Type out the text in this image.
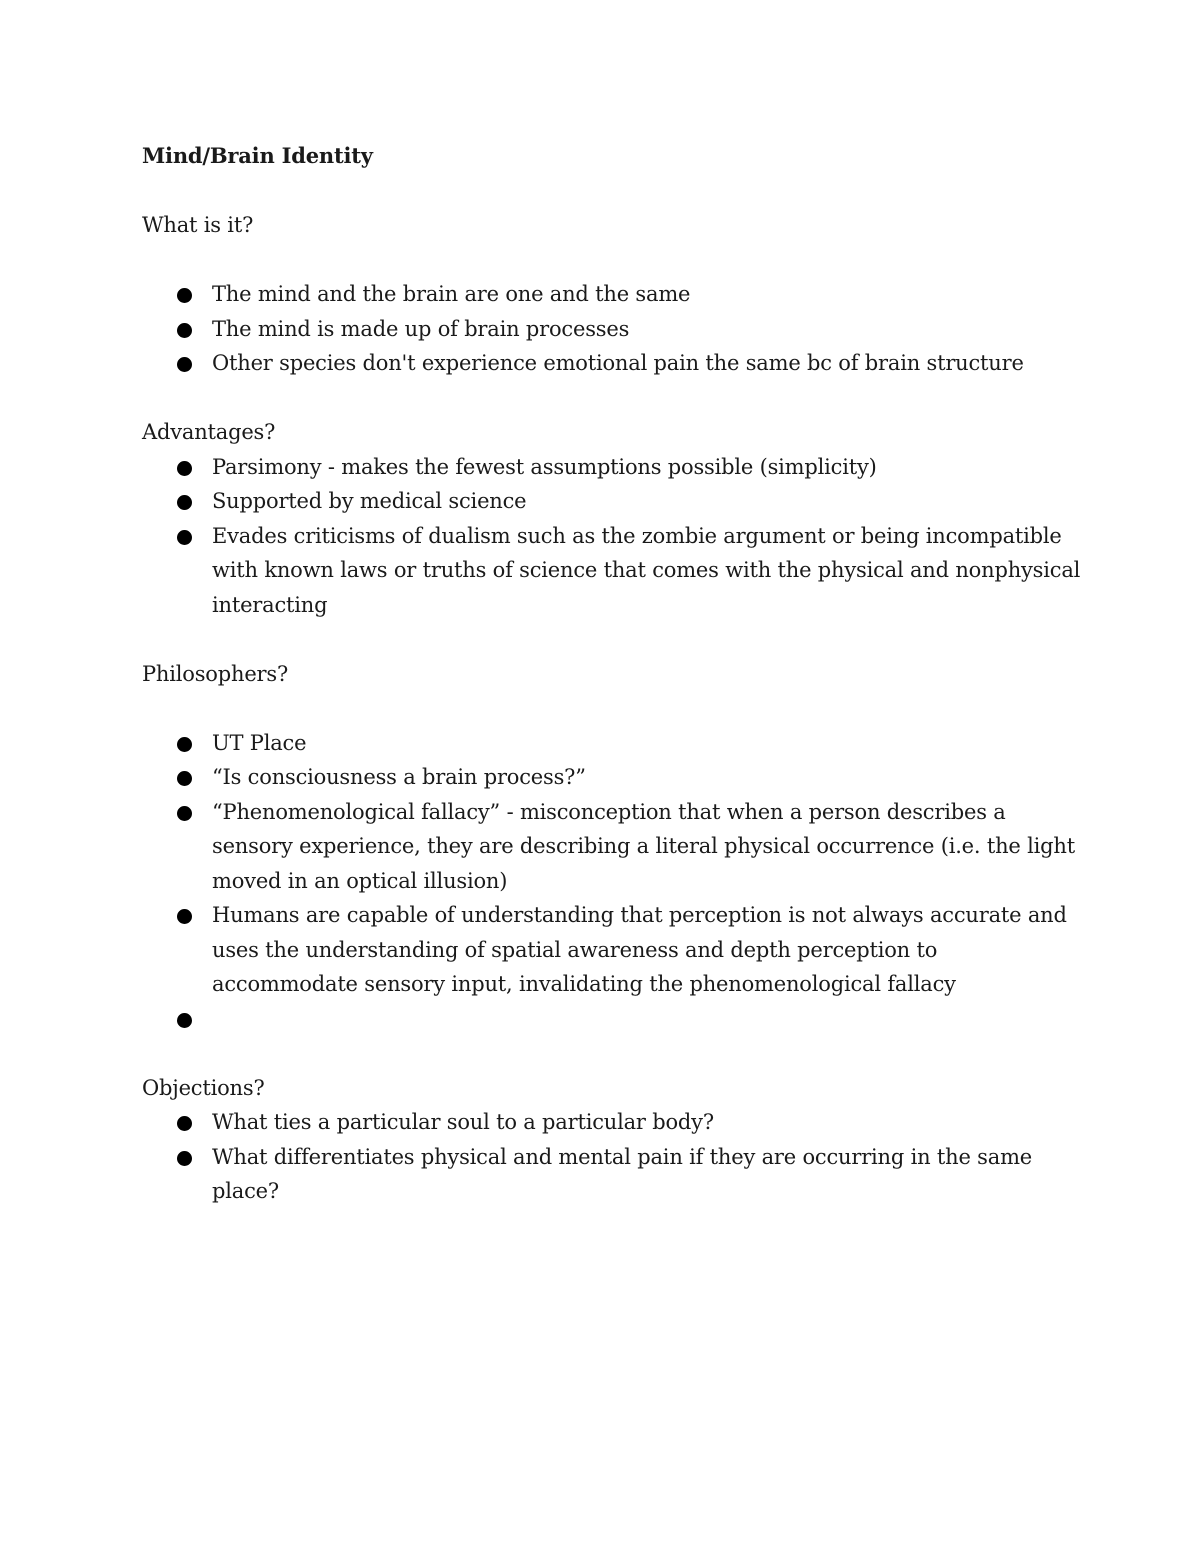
Mind/Brain Identity

What is it?

The mind and the brain are one and the same
The mind is made up of brain processes
Other species don't experience emotional pain the same bc of brain structure

Advantages?

Parsimony - makes the fewest assumptions possible (simplicity)
Supported by medical science
Evades criticisms of dualism such as the zombie argument or being incompatible with known laws or truths of science that comes with the physical and nonphysical interacting

Philosophers?

UT Place
“Is consciousness a brain process?”
“Phenomenological fallacy” - misconception that when a person describes a sensory experience, they are describing a literal physical occurrence (i.e. the light moved in an optical illusion)
Humans are capable of understanding that perception is not always accurate and uses the understanding of spatial awareness and depth perception to accommodate sensory input, invalidating the phenomenological fallacy

Objections?

What ties a particular soul to a particular body?
What differentiates physical and mental pain if they are occurring in the same place?
